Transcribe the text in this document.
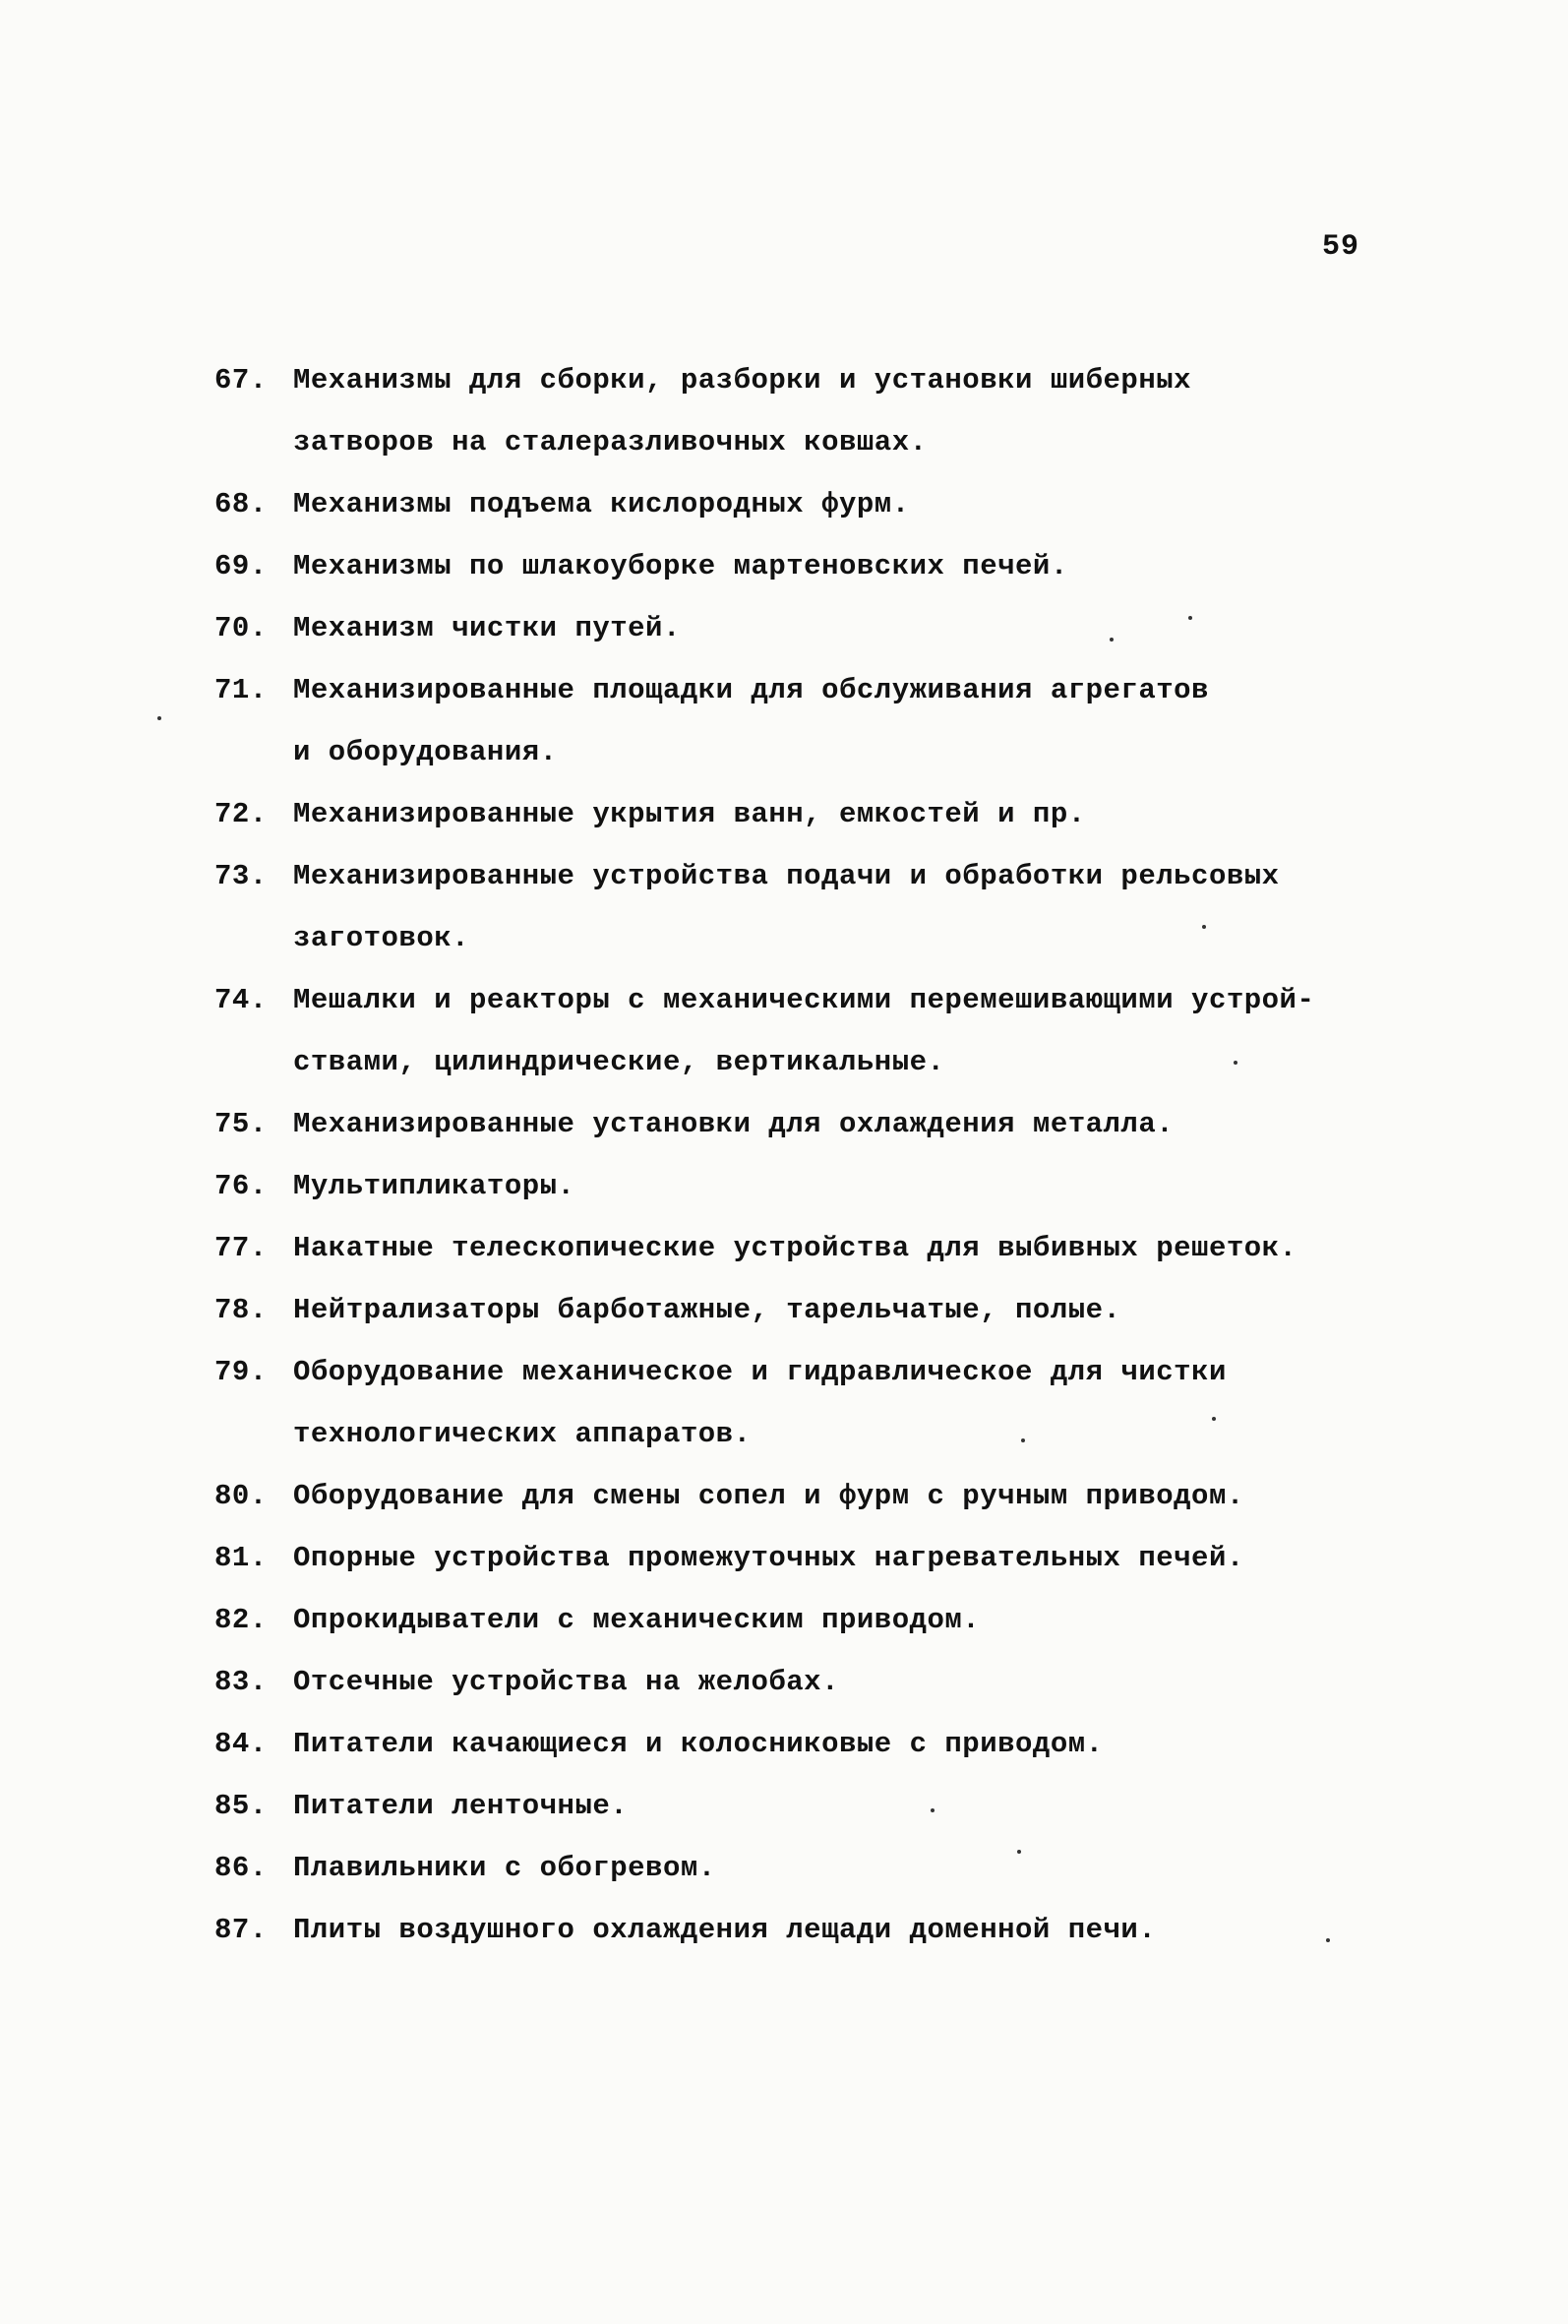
59
67. Механизмы для сборки, разборки и установки шиберных
затворов на сталеразливочных ковшах.
68. Механизмы подъема кислородных фурм.
69. Механизмы по шлакоуборке мартеновских печей.
70. Механизм чистки путей.
71. Механизированные площадки для обслуживания агрегатов
и оборудования.
72. Механизированные укрытия ванн, емкостей и пр.
73. Механизированные устройства подачи и обработки рельсовых
заготовок.
74. Мешалки и реакторы с механическими перемешивающими устрой-
ствами, цилиндрические, вертикальные.
75. Механизированные установки для охлаждения металла.
76. Мультипликаторы.
77. Накатные телескопические устройства для выбивных решеток.
78. Нейтрализаторы барботажные, тарельчатые, полые.
79. Оборудование механическое и гидравлическое для чистки
технологических аппаратов.
80. Оборудование для смены сопел и фурм с ручным приводом.
81. Опорные устройства промежуточных нагревательных печей.
82. Опрокидыватели с механическим приводом.
83. Отсечные устройства на желобах.
84. Питатели качающиеся и колосниковые с приводом.
85. Питатели ленточные.
86. Плавильники с обогревом.
87. Плиты воздушного охлаждения лещади доменной печи.
